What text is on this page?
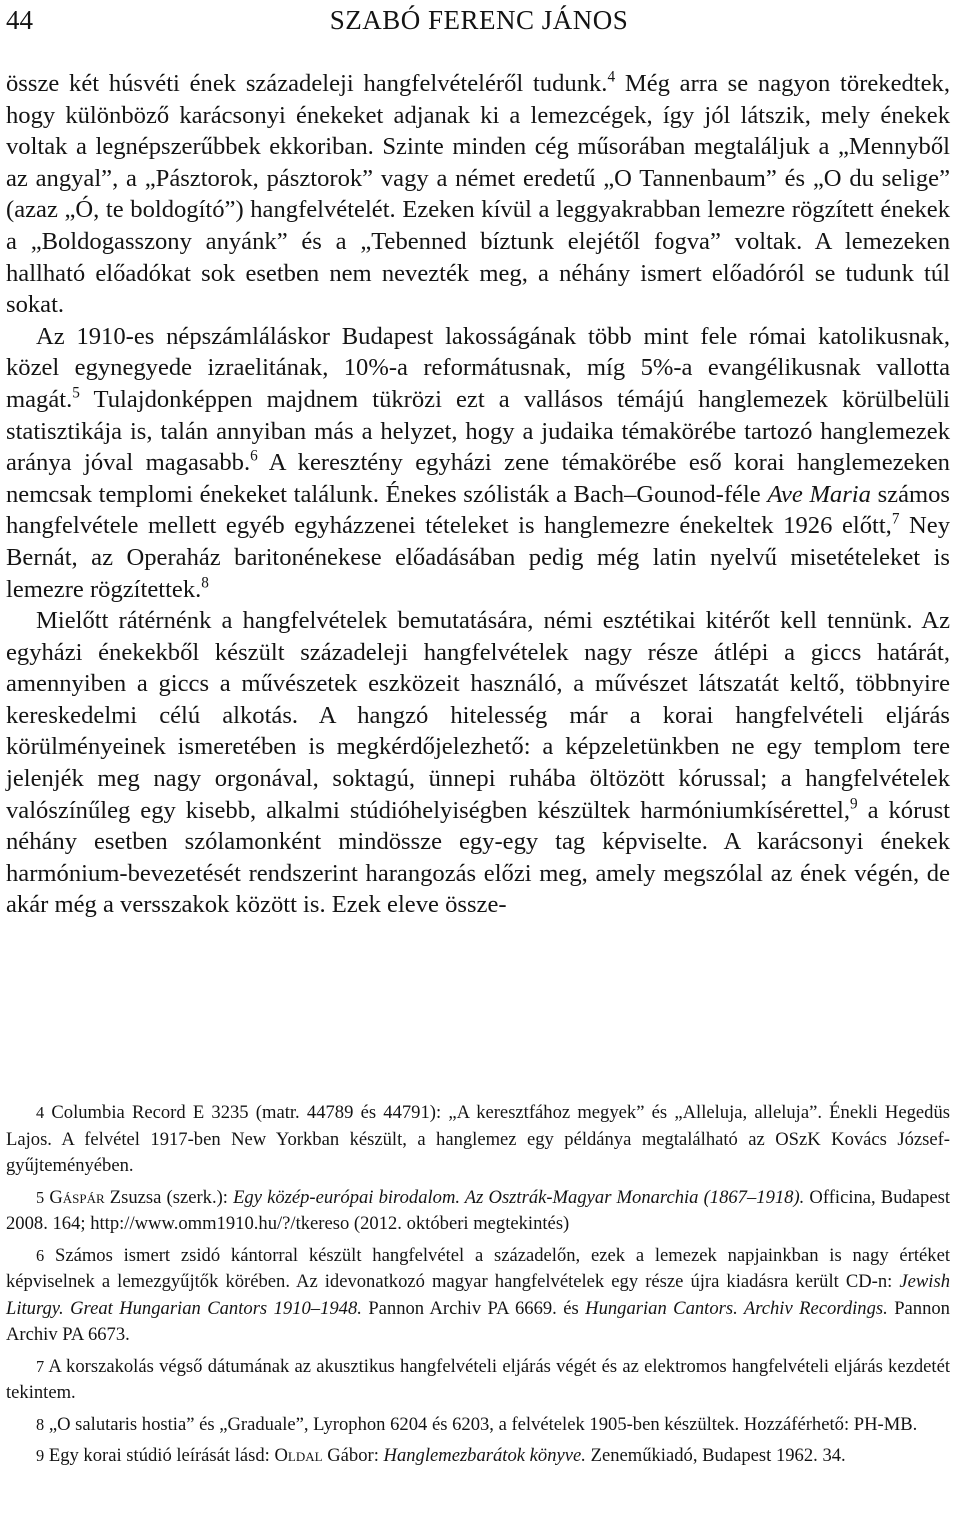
44	SZABÓ FERENC JÁNOS

össze két húsvéti ének századeleji hangfelvételéről tudunk.$^4$ Még arra se nagyon törekedtek, hogy különböző karácsonyi énekeket adjanak ki a lemezcégek, így jól látszik, mely énekek voltak a legnépszerűbbek ekkoriban. Szinte minden cég műsorában megtaláljuk a „Mennyből az angyal”, a „Pásztorok, pásztorok” vagy a német eredetű „O Tannenbaum” és „O du selige” (azaz „Ó, te boldogító”) hangfelvételét. Ezeken kívül a leggyakrabban lemezre rögzített énekek a „Boldogasszony anyánk” és a „Tebenned bíztunk elejétől fogva” voltak. A lemezeken hallható előadókat sok esetben nem nevezték meg, a néhány ismert előadóról se tudunk túl sokat.

Az 1910-es népszámláláskor Budapest lakosságának több mint fele római katolikusnak, közel egynegyede izraelitának, 10%-a reformátusnak, míg 5%-a evangélikusnak vallotta magát.$^5$ Tulajdonképpen majdnem tükrözi ezt a vallásos témájú hanglemezek körülbelüli statisztikája is, talán annyiban más a helyzet, hogy a judaika témakörébe tartozó hanglemezek aránya jóval magasabb.$^6$ A keresztény egyházi zene témakörébe eső korai hanglemezeken nemcsak templomi énekeket találunk. Énekes szólisták a Bach–Gounod-féle Ave Maria számos hangfelvétele mellett egyéb egyházzenei tételeket is hanglemezre énekeltek 1926 előtt,$^7$ Ney Bernát, az Operaház baritonénekese előadásában pedig még latin nyelvű misetételeket is lemezre rögzítettek.$^8$

Mielőtt rátérnénk a hangfelvételek bemutatására, némi esztétikai kitérőt kell tennünk. Az egyházi énekekből készült századeleji hangfelvételek nagy része átlépi a giccs határát, amennyiben a giccs a művészetek eszközeit használó, a művészet látszatát keltő, többnyire kereskedelmi célú alkotás. A hangzó hitelesség már a korai hangfelvételi eljárás körülményeinek ismeretében is megkérdőjelezhető: a képzeletünkben ne egy templom tere jelenjék meg nagy orgonával, soktagú, ünnepi ruhába öltözött kórussal; a hangfelvételek valószínűleg egy kisebb, alkalmi stúdióhelyiségben készültek harmóniumkísérettel,$^9$ a kórust néhány esetben szólamonként mindössze egy-egy tag képviselte. A karácsonyi énekek harmónium-bevezetését rendszerint harangozás előzi meg, amely megszólal az ének végén, de akár még a versszakok között is. Ezek eleve össze-

4 Columbia Record E 3235 (matr. 44789 és 44791): „A keresztfához megyek” és „Alleluja, alleluja”. Énekli Hegedüs Lajos. A felvétel 1917-ben New Yorkban készült, a hanglemez egy példánya megtalálható az OSzK Kovács József-gyűjteményében.

5 Gáspár Zsuzsa (szerk.): Egy közép-európai birodalom. Az Osztrák-Magyar Monarchia (1867–1918). Officina, Budapest 2008. 164; http://www.omm1910.hu/?/tkereso (2012. októberi megtekintés)

6 Számos ismert zsidó kántorral készült hangfelvétel a századelőn, ezek a lemezek napjainkban is nagy értéket képviselnek a lemezgyűjtők körében. Az idevonatkozó magyar hangfelvételek egy része újra kiadásra került CD-n: Jewish Liturgy. Great Hungarian Cantors 1910–1948. Pannon Archiv PA 6669. és Hungarian Cantors. Archiv Recordings. Pannon Archiv PA 6673.

7 A korszakolás végső dátumának az akusztikus hangfelvételi eljárás végét és az elektromos hangfelvételi eljárás kezdetét tekintem.

8 „O salutaris hostia” és „Graduale”, Lyrophon 6204 és 6203, a felvételek 1905-ben készültek. Hozzáférhető: PH-MB.

9 Egy korai stúdió leírását lásd: Oldal Gábor: Hanglemezbarátok könyve. Zeneműkiadó, Budapest 1962. 34.
